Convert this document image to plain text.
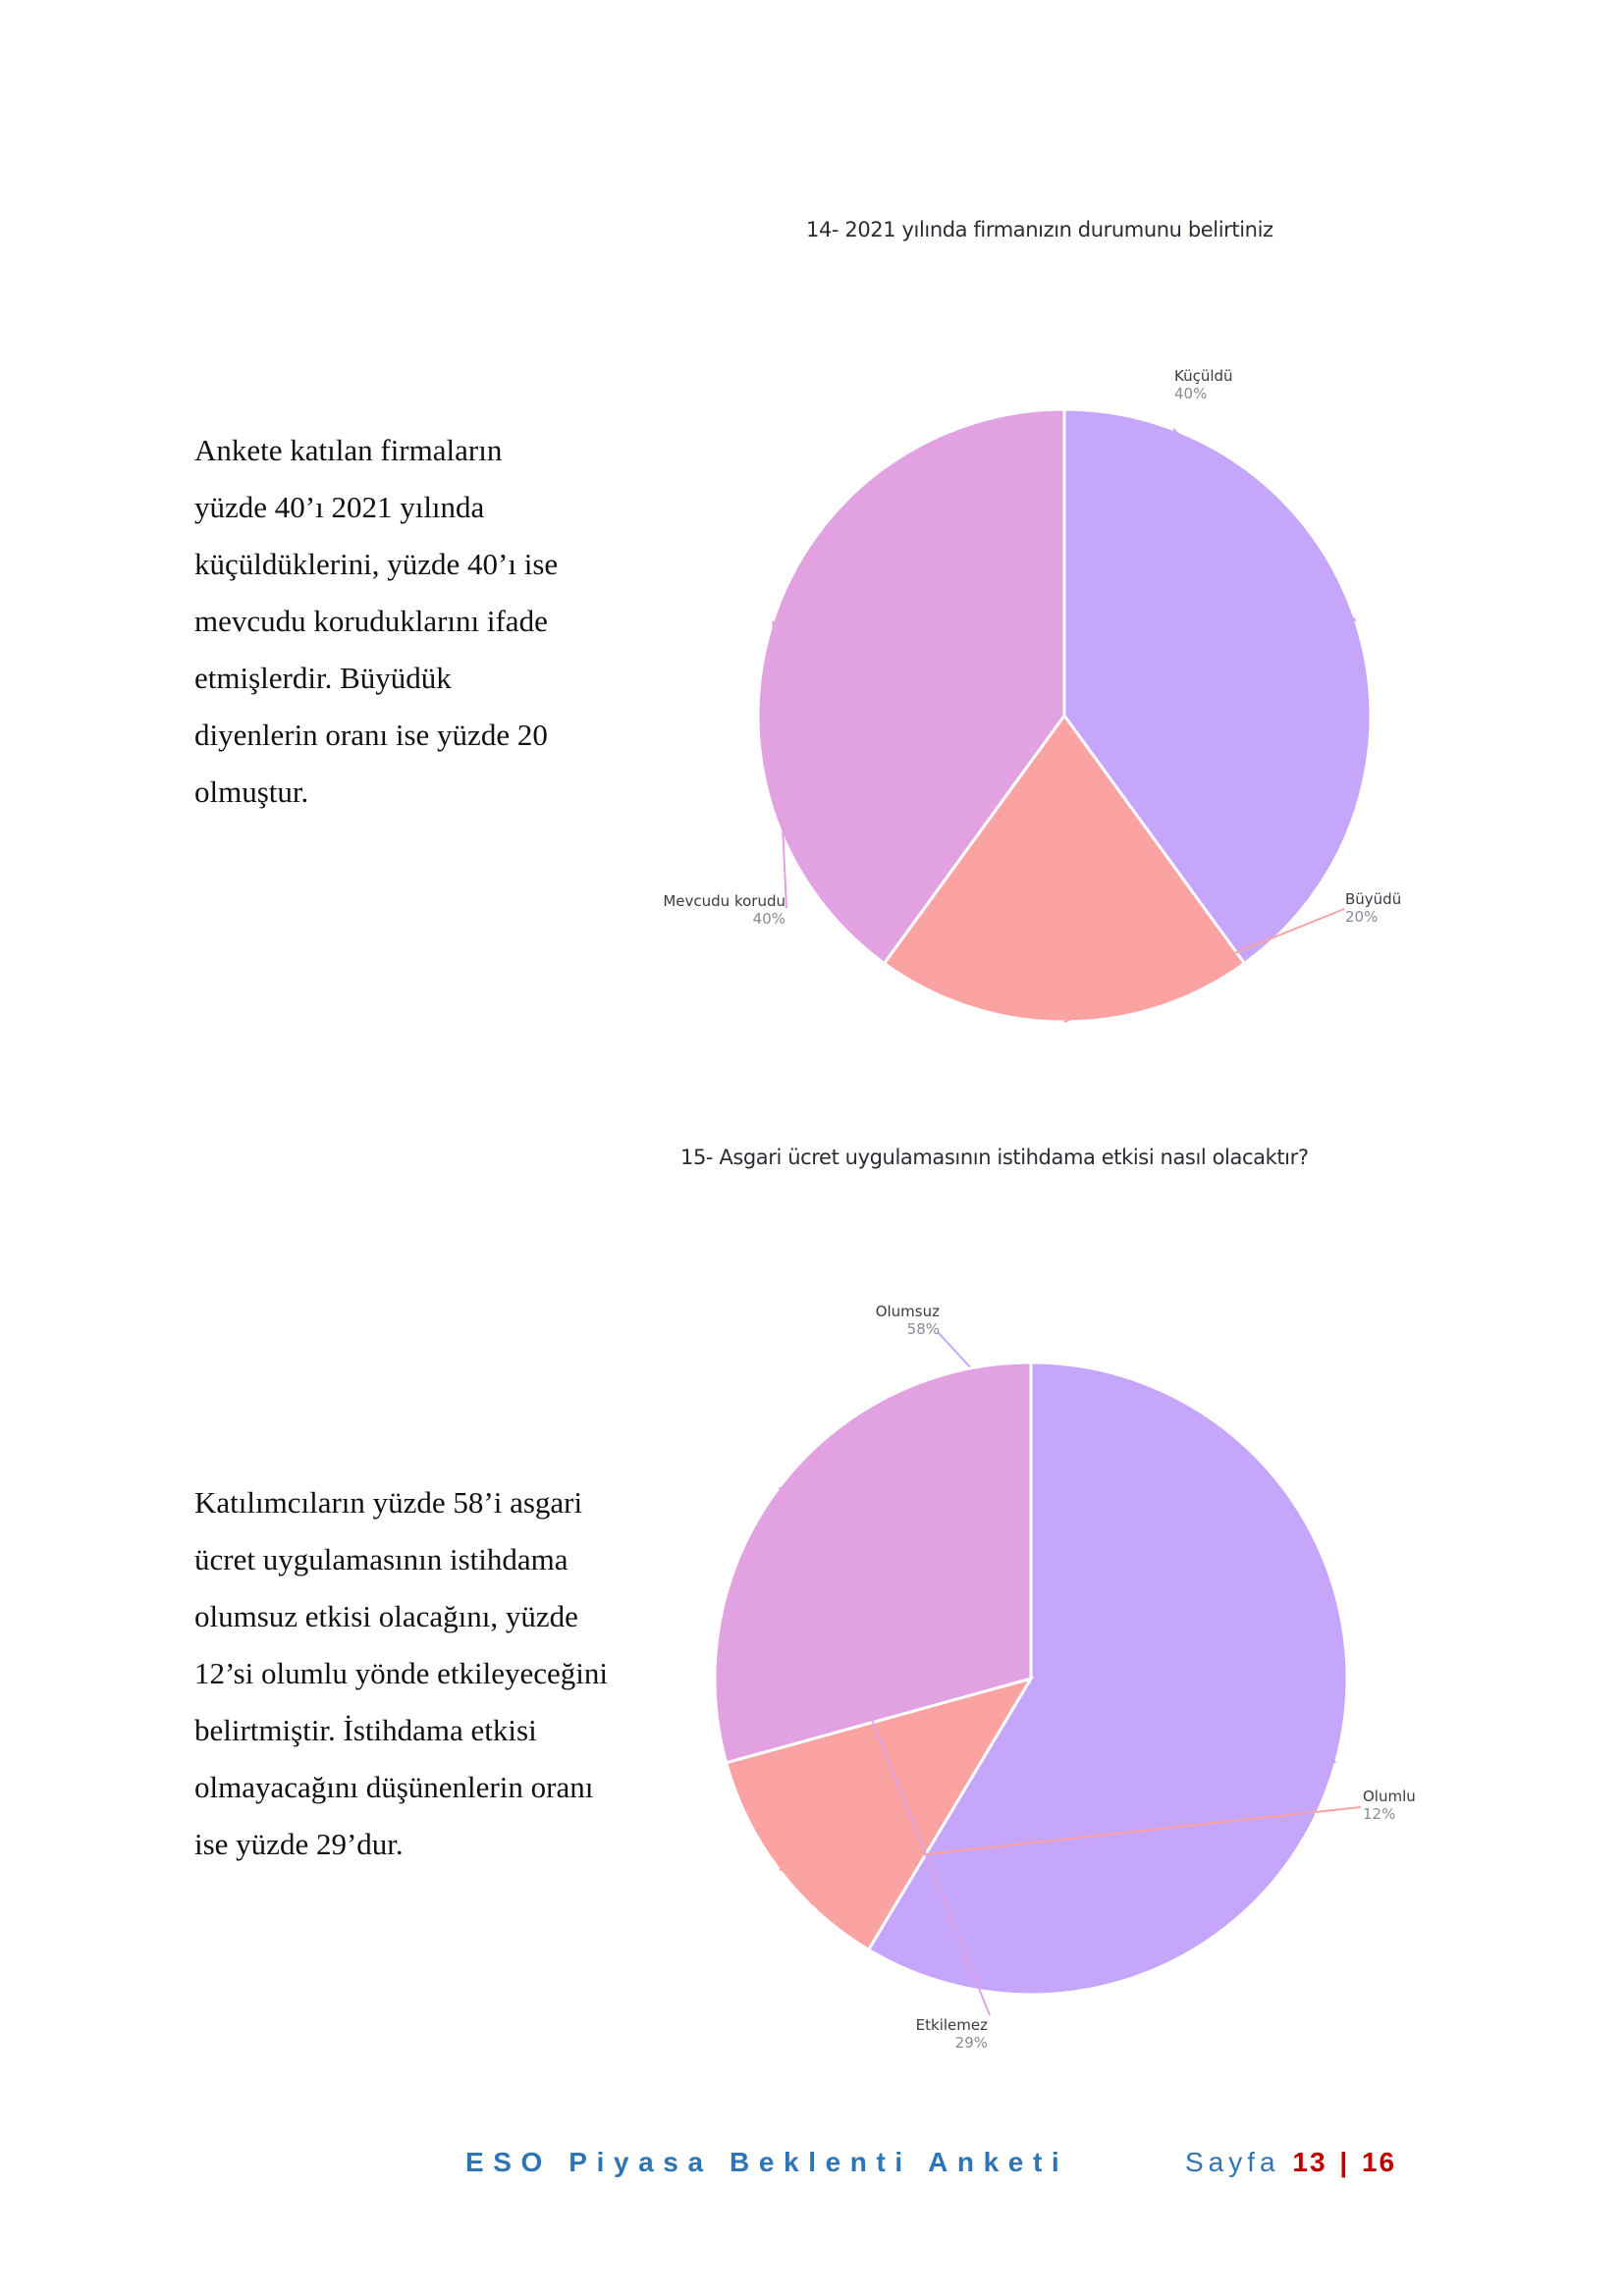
14- 2021 yılında firmanızın durumunu belirtiniz
Ankete katılan firmaların
yüzde 40’ı 2021 yılında
küçüldüklerini, yüzde 40’ı ise
mevcudu koruduklarını ifade
etmişlerdir. Büyüdük
diyenlerin oranı ise yüzde 20
olmuştur.
Küçüldü
40%
Büyüdü
20%
Mevcudu korudu
40%
15- Asgari ücret uygulamasının istihdama etkisi nasıl olacaktır?
Katılımcıların yüzde 58’i asgari
ücret uygulamasının istihdama
olumsuz etkisi olacağını, yüzde
12’si olumlu yönde etkileyeceğini
belirtmiştir. İstihdama etkisi
olmayacağını düşünenlerin oranı
ise yüzde 29’dur.
Olumsuz
58%
Olumlu
12%
Etkilemez
29%
ESO Piyasa Beklenti Anketi	Sayfa 13 | 16
